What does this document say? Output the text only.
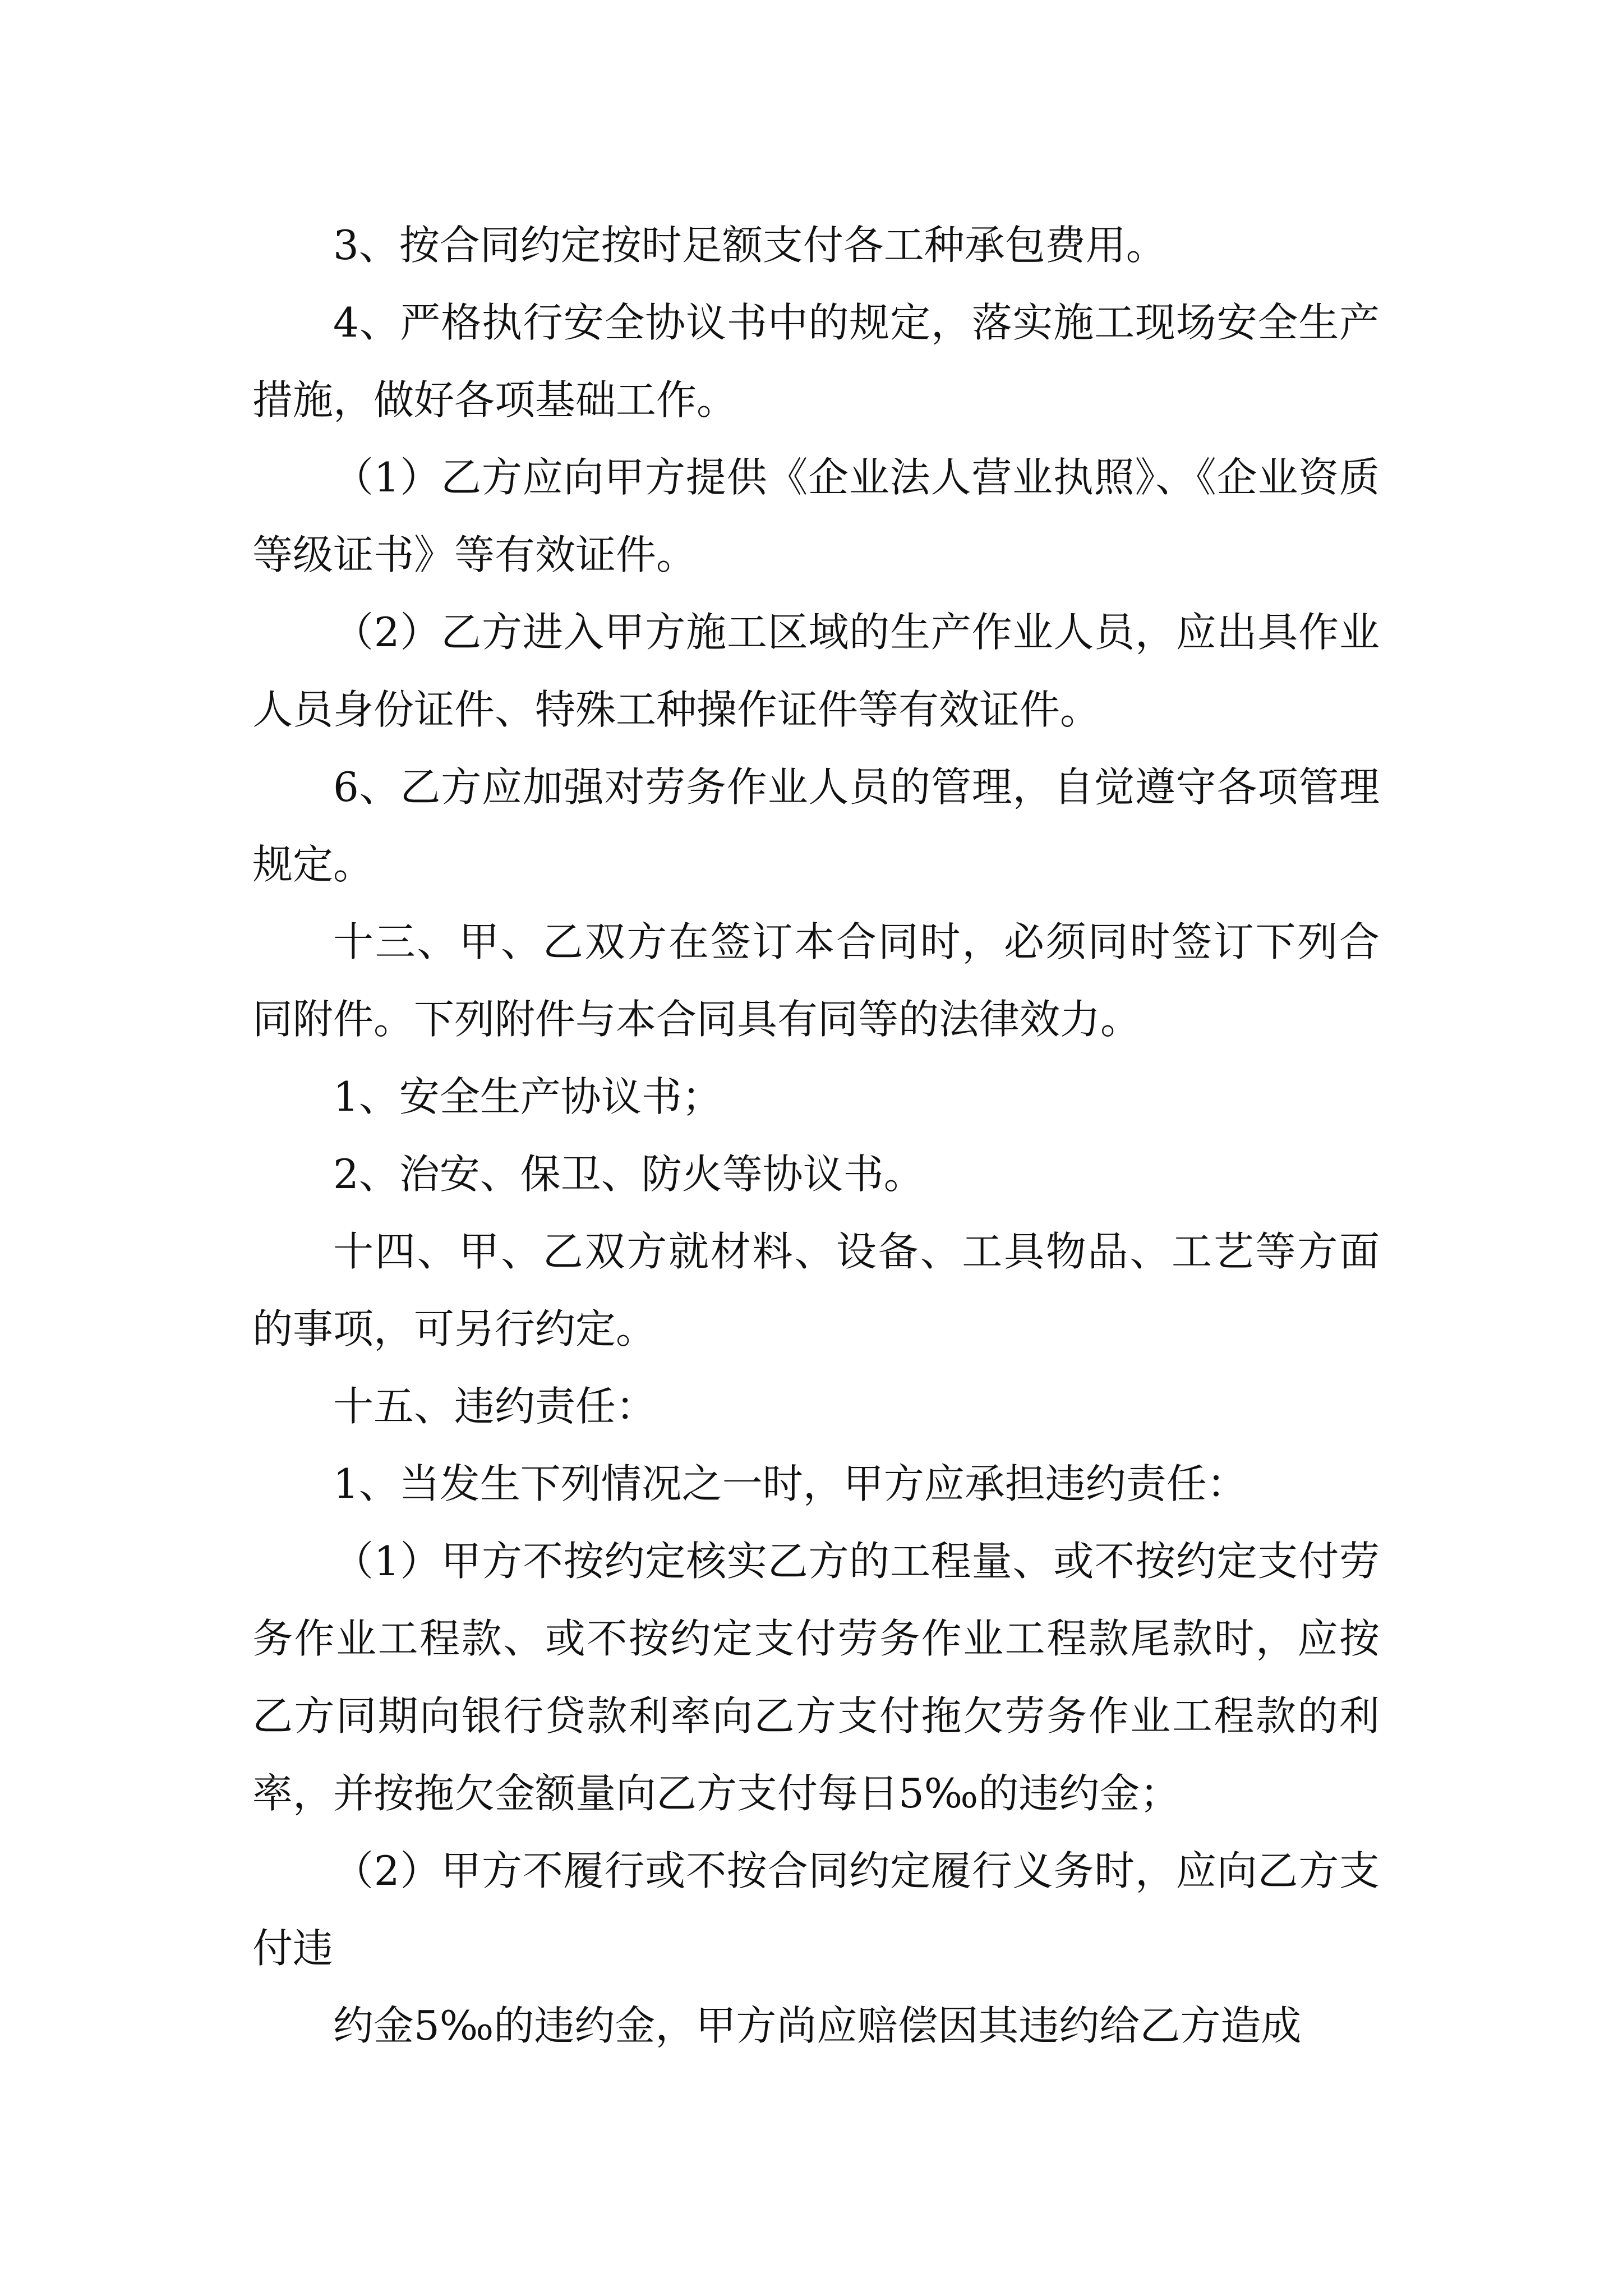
3、按合同约定按时足额支付各工种承包费用。

4、严格执行安全协议书中的规定，落实施工现场安全生产措施，做好各项基础工作。

（1）乙方应向甲方提供《企业法人营业执照》、《企业资质等级证书》等有效证件。

（2）乙方进入甲方施工区域的生产作业人员，应出具作业人员身份证件、特殊工种操作证件等有效证件。

6、乙方应加强对劳务作业人员的管理，自觉遵守各项管理规定。

十三、甲、乙双方在签订本合同时，必须同时签订下列合同附件。下列附件与本合同具有同等的法律效力。

1、安全生产协议书；

2、治安、保卫、防火等协议书。

十四、甲、乙双方就材料、设备、工具物品、工艺等方面的事项，可另行约定。

十五、违约责任：

1、当发生下列情况之一时，甲方应承担违约责任：

（1）甲方不按约定核实乙方的工程量、或不按约定支付劳务作业工程款、或不按约定支付劳务作业工程款尾款时，应按乙方同期向银行贷款利率向乙方支付拖欠劳务作业工程款的利率，并按拖欠金额量向乙方支付每日5‰的违约金；

（2）甲方不履行或不按合同约定履行义务时，应向乙方支付违

约金5‰的违约金，甲方尚应赔偿因其违约给乙方造成
